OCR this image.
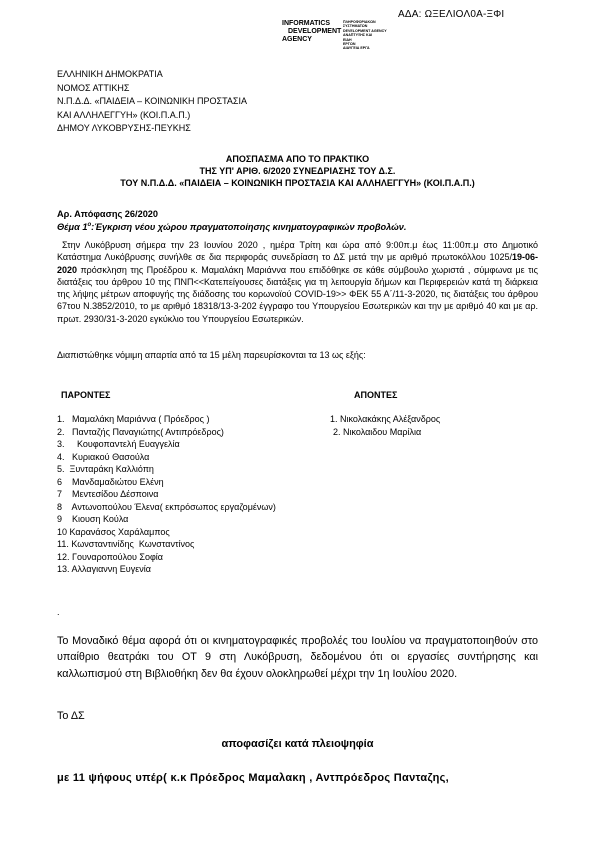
ΑΔΑ: ΩΞΕΛΙΟΛ0Α-ΞΦΙ
INFORMATICS
DEVELOPMENT
AGENCY
ΠΛΗΡΟΦΟΡΙΑΚΩΝ
ΣΥΣΤΗΜΑΤΩΝ
DEVELOPMENT AGENCY
ΑΝΑΠΤΥΞΗΣ ΚΑΙ
ΕΙΔΗ
ΕΡΓΩΝ
ΔΙΑΥΓΕΙΑ ΕΡΓΑ
ΕΛΛΗΝΙΚΗ ΔΗΜΟΚΡΑΤΙΑ
ΝΟΜΟΣ ΑΤΤΙΚΗΣ
Ν.Π.Δ.Δ. «ΠΑΙΔΕΙΑ – ΚΟΙΝΩΝΙΚΗ ΠΡΟΣΤΑΣΙΑ
ΚΑΙ ΑΛΛΗΛΕΓΓΥΗ» (ΚΟΙ.Π.Α.Π.)
ΔΗΜΟΥ ΛΥΚΟΒΡΥΣΗΣ-ΠΕΥΚΗΣ
ΑΠΟΣΠΑΣΜΑ ΑΠΟ ΤΟ ΠΡΑΚΤΙΚΟ
ΤΗΣ ΥΠ' ΑΡΙΘ. 6/2020 ΣΥΝΕΔΡΙΑΣΗΣ ΤΟΥ Δ.Σ.
ΤΟΥ Ν.Π.Δ.Δ. «ΠΑΙΔΕΙΑ – ΚΟΙΝΩΝΙΚΗ ΠΡΟΣΤΑΣΙΑ ΚΑΙ ΑΛΛΗΛΕΓΓΥΗ» (ΚΟΙ.Π.Α.Π.)
Αρ. Απόφασης 26/2020
Θέμα $1^o:Έ\gamma\kappa\rho\iota\sigma\eta$ νέου χώρου πραγματοποίησης κινηματογραφικών προβολών.
Στην Λυκόβρυση σήμερα την 23 Ιουνίου 2020 , ημέρα Τρίτη και ώρα από 9:00π.μ έως 11:00π.μ στο Δημοτικό Κατάστημα Λυκόβρυσης συνήλθε σε δια περιφοράς συνεδρίαση το ΔΣ μετά την με αριθμό πρωτοκόλλου 1025/19-06-2020 πρόσκληση της Προέδρου κ. Μαμαλάκη Μαριάννα που επιδόθηκε σε κάθε σύμβουλο χωριστά , σύμφωνα με τις διατάξεις του άρθρου 10 της ΠΝΠ<<Κατεπείγουσες διατάξεις για τη λειτουργία δήμων και Περιφερειών κατά τη διάρκεια της λήψης μέτρων αποφυγής της διάδοσης του κορωνοϊού COVID-19>> ΦΕΚ 55 Α΄/11-3-2020, τις διατάξεις του άρθρου 67του Ν.3852/2010, το με αριθμό 18318/13-3-202 έγγραφο του Υπουργείου Εσωτερικών και την με αριθμό 40 και με αρ. πρωτ. 2930/31-3-2020 εγκύκλιο του Υπουργείου Εσωτερικών.
Διαπιστώθηκε νόμιμη απαρτία από τα 15 μέλη παρευρίσκονται τα 13 ως εξής:
ΠΑΡΟΝΤΕΣ	ΑΠΟΝΤΕΣ
1.   Μαμαλάκη Μαριάννα ( Πρόεδρος )
2.   Πανταζής Παναγιώτης( Αντιπρόεδρος)
3.     Κουφοπαντελή Ευαγγελία
4.   Κυριακού Θασούλα
5.  Ξυνταράκη Καλλιόπη
6    Μανδαμαδιώτου Ελένη
7    Μεντεσίδου Δέσποινα
8    Αντωνοπούλου Έλενα( εκπρόσωπος εργαζομένων)
9    Κιουση Κούλα
10 Καρανάσος Χαράλαμπος
11. Κωνσταντινίδης  Κωνσταντίνος
12. Γουναροπούλου Σοφία
13. Αλλαγιαννη Ευγενία
1. Νικολακάκης Αλέξανδρος
2. Νικολαιδου Μαρίλια
.
Το Μοναδικό θέμα αφορά ότι οι κινηματογραφικές προβολές του Ιουλίου να πραγματοποιηθούν στο υπαίθριο θεατράκι του ΟΤ 9 στη Λυκόβρυση, δεδομένου ότι οι εργασίες συντήρησης και καλλωπισμού στη Βιβλιοθήκη δεν θα έχουν ολοκληρωθεί μέχρι την 1η Ιουλίου 2020.
Το ΔΣ
αποφασίζει κατά πλειοψηφία
με 11 ψήφους υπέρ( κ.κ Πρόεδρος Μαμαλακη , Αντπρόεδρος Πανταζης,
